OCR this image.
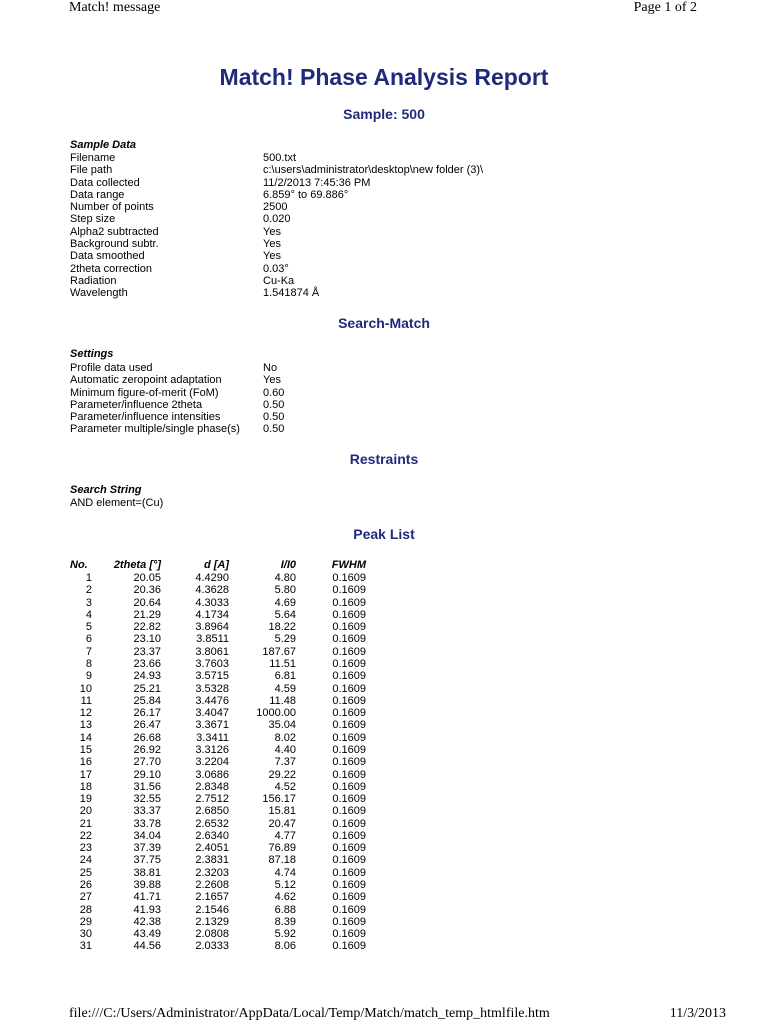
Match! message	Page 1 of 2
Match! Phase Analysis Report
Sample: 500
Sample Data
Filename	500.txt
File path	c:\users\administrator\desktop\new folder (3)\
Data collected	11/2/2013 7:45:36 PM
Data range	6.859° to 69.886°
Number of points	2500
Step size	0.020
Alpha2 subtracted	Yes
Background subtr.	Yes
Data smoothed	Yes
2theta correction	0.03°
Radiation	Cu-Ka
Wavelength	1.541874 Å
Search-Match
Settings
Profile data used	No
Automatic zeropoint adaptation	Yes
Minimum figure-of-merit (FoM)	0.60
Parameter/influence 2theta	0.50
Parameter/influence intensities	0.50
Parameter multiple/single phase(s)	0.50
Restraints
Search String
AND element=(Cu)
Peak List
No.	2theta [°]	d [A]	I/I0	FWHM
1	20.05	4.4290	4.80	0.1609
2	20.36	4.3628	5.80	0.1609
3	20.64	4.3033	4.69	0.1609
4	21.29	4.1734	5.64	0.1609
5	22.82	3.8964	18.22	0.1609
6	23.10	3.8511	5.29	0.1609
7	23.37	3.8061	187.67	0.1609
8	23.66	3.7603	11.51	0.1609
9	24.93	3.5715	6.81	0.1609
10	25.21	3.5328	4.59	0.1609
11	25.84	3.4476	11.48	0.1609
12	26.17	3.4047	1000.00	0.1609
13	26.47	3.3671	35.04	0.1609
14	26.68	3.3411	8.02	0.1609
15	26.92	3.3126	4.40	0.1609
16	27.70	3.2204	7.37	0.1609
17	29.10	3.0686	29.22	0.1609
18	31.56	2.8348	4.52	0.1609
19	32.55	2.7512	156.17	0.1609
20	33.37	2.6850	15.81	0.1609
21	33.78	2.6532	20.47	0.1609
22	34.04	2.6340	4.77	0.1609
23	37.39	2.4051	76.89	0.1609
24	37.75	2.3831	87.18	0.1609
25	38.81	2.3203	4.74	0.1609
26	39.88	2.2608	5.12	0.1609
27	41.71	2.1657	4.62	0.1609
28	41.93	2.1546	6.88	0.1609
29	42.38	2.1329	8.39	0.1609
30	43.49	2.0808	5.92	0.1609
31	44.56	2.0333	8.06	0.1609
file:///C:/Users/Administrator/AppData/Local/Temp/Match/match_temp_htmlfile.htm	11/3/2013
